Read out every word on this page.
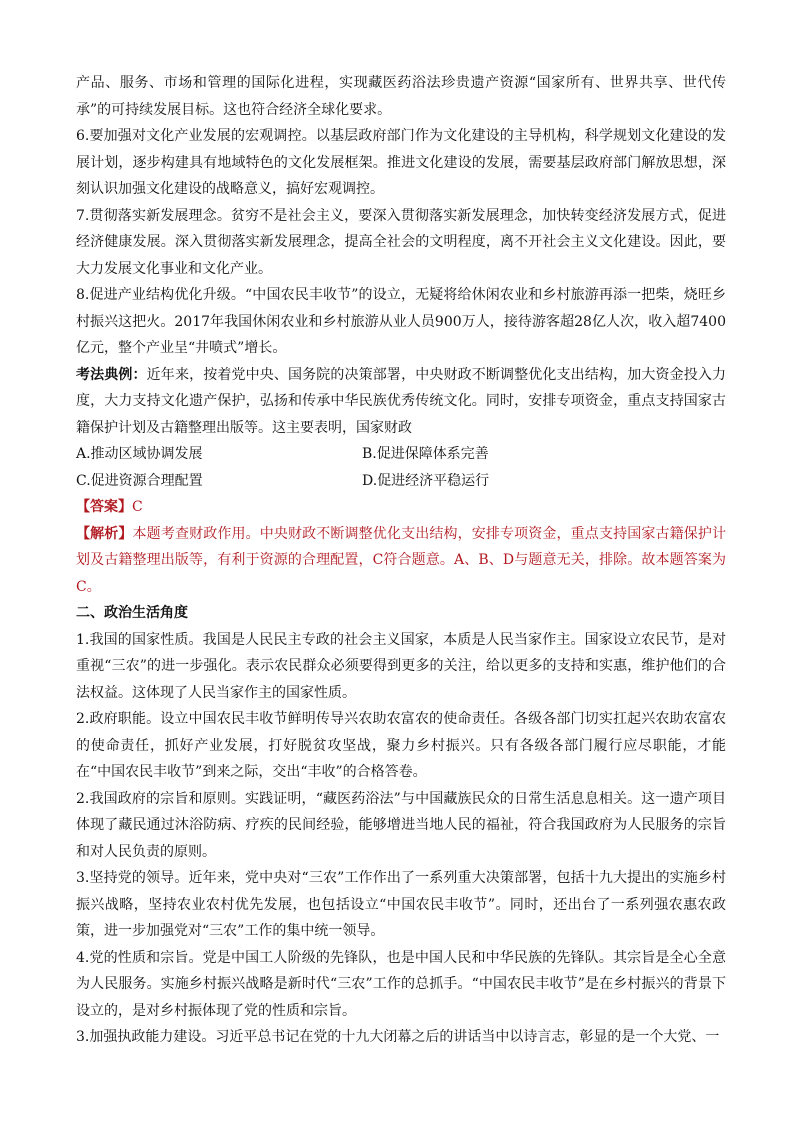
产品、服务、市场和管理的国际化进程，实现藏医药浴法珍贵遗产资源“国家所有、世界共享、世代传承”的可持续发展目标。这也符合经济全球化要求。

6.要加强对文化产业发展的宏观调控。以基层政府部门作为文化建设的主导机构，科学规划文化建设的发展计划，逐步构建具有地域特色的文化发展框架。推进文化建设的发展，需要基层政府部门解放思想，深刻认识加强文化建设的战略意义，搞好宏观调控。

7.贯彻落实新发展理念。贫穷不是社会主义，要深入贯彻落实新发展理念，加快转变经济发展方式，促进经济健康发展。深入贯彻落实新发展理念，提高全社会的文明程度，离不开社会主义文化建设。因此，要大力发展文化事业和文化产业。

8.促进产业结构优化升级。“中国农民丰收节”的设立，无疑将给休闲农业和乡村旅游再添一把柴，烧旺乡村振兴这把火。2017年我国休闲农业和乡村旅游从业人员900万人，接待游客超28亿人次，收入超7400亿元，整个产业呈“井喷式”增长。

考法典例：近年来，按着党中央、国务院的决策部署，中央财政不断调整优化支出结构，加大资金投入力度，大力支持文化遗产保护，弘扬和传承中华民族优秀传统文化。同时，安排专项资金，重点支持国家古籍保护计划及古籍整理出版等。这主要表明，国家财政

A.推动区域协调发展	B.促进保障体系完善
C.促进资源合理配置	D.促进经济平稳运行

【答案】C

【解析】本题考查财政作用。中央财政不断调整优化支出结构，安排专项资金，重点支持国家古籍保护计划及古籍整理出版等，有利于资源的合理配置，C符合题意。A、B、D与题意无关，排除。故本题答案为C。

二、政治生活角度

1.我国的国家性质。我国是人民民主专政的社会主义国家，本质是人民当家作主。国家设立农民节，是对重视“三农”的进一步强化。表示农民群众必须要得到更多的关注，给以更多的支持和实惠，维护他们的合法权益。这体现了人民当家作主的国家性质。

2.政府职能。设立中国农民丰收节鲜明传导兴农助农富农的使命责任。各级各部门切实扛起兴农助农富农的使命责任，抓好产业发展，打好脱贫攻坚战，聚力乡村振兴。只有各级各部门履行应尽职能，才能在“中国农民丰收节”到来之际，交出“丰收”的合格答卷。

2.我国政府的宗旨和原则。实践证明，“藏医药浴法”与中国藏族民众的日常生活息息相关。这一遗产项目体现了藏民通过沐浴防病、疗疾的民间经验，能够增进当地人民的福祉，符合我国政府为人民服务的宗旨和对人民负责的原则。

3.坚持党的领导。近年来，党中央对“三农”工作作出了一系列重大决策部署，包括十九大提出的实施乡村振兴战略，坚持农业农村优先发展，也包括设立“中国农民丰收节”。同时，还出台了一系列强农惠农政策，进一步加强党对“三农”工作的集中统一领导。

4.党的性质和宗旨。党是中国工人阶级的先锋队，也是中国人民和中华民族的先锋队。其宗旨是全心全意为人民服务。实施乡村振兴战略是新时代“三农”工作的总抓手。“中国农民丰收节”是在乡村振兴的背景下设立的，是对乡村振体现了党的性质和宗旨。

3.加强执政能力建设。习近平总书记在党的十九大闭幕之后的讲话当中以诗言志，彰显的是一个大党、一
